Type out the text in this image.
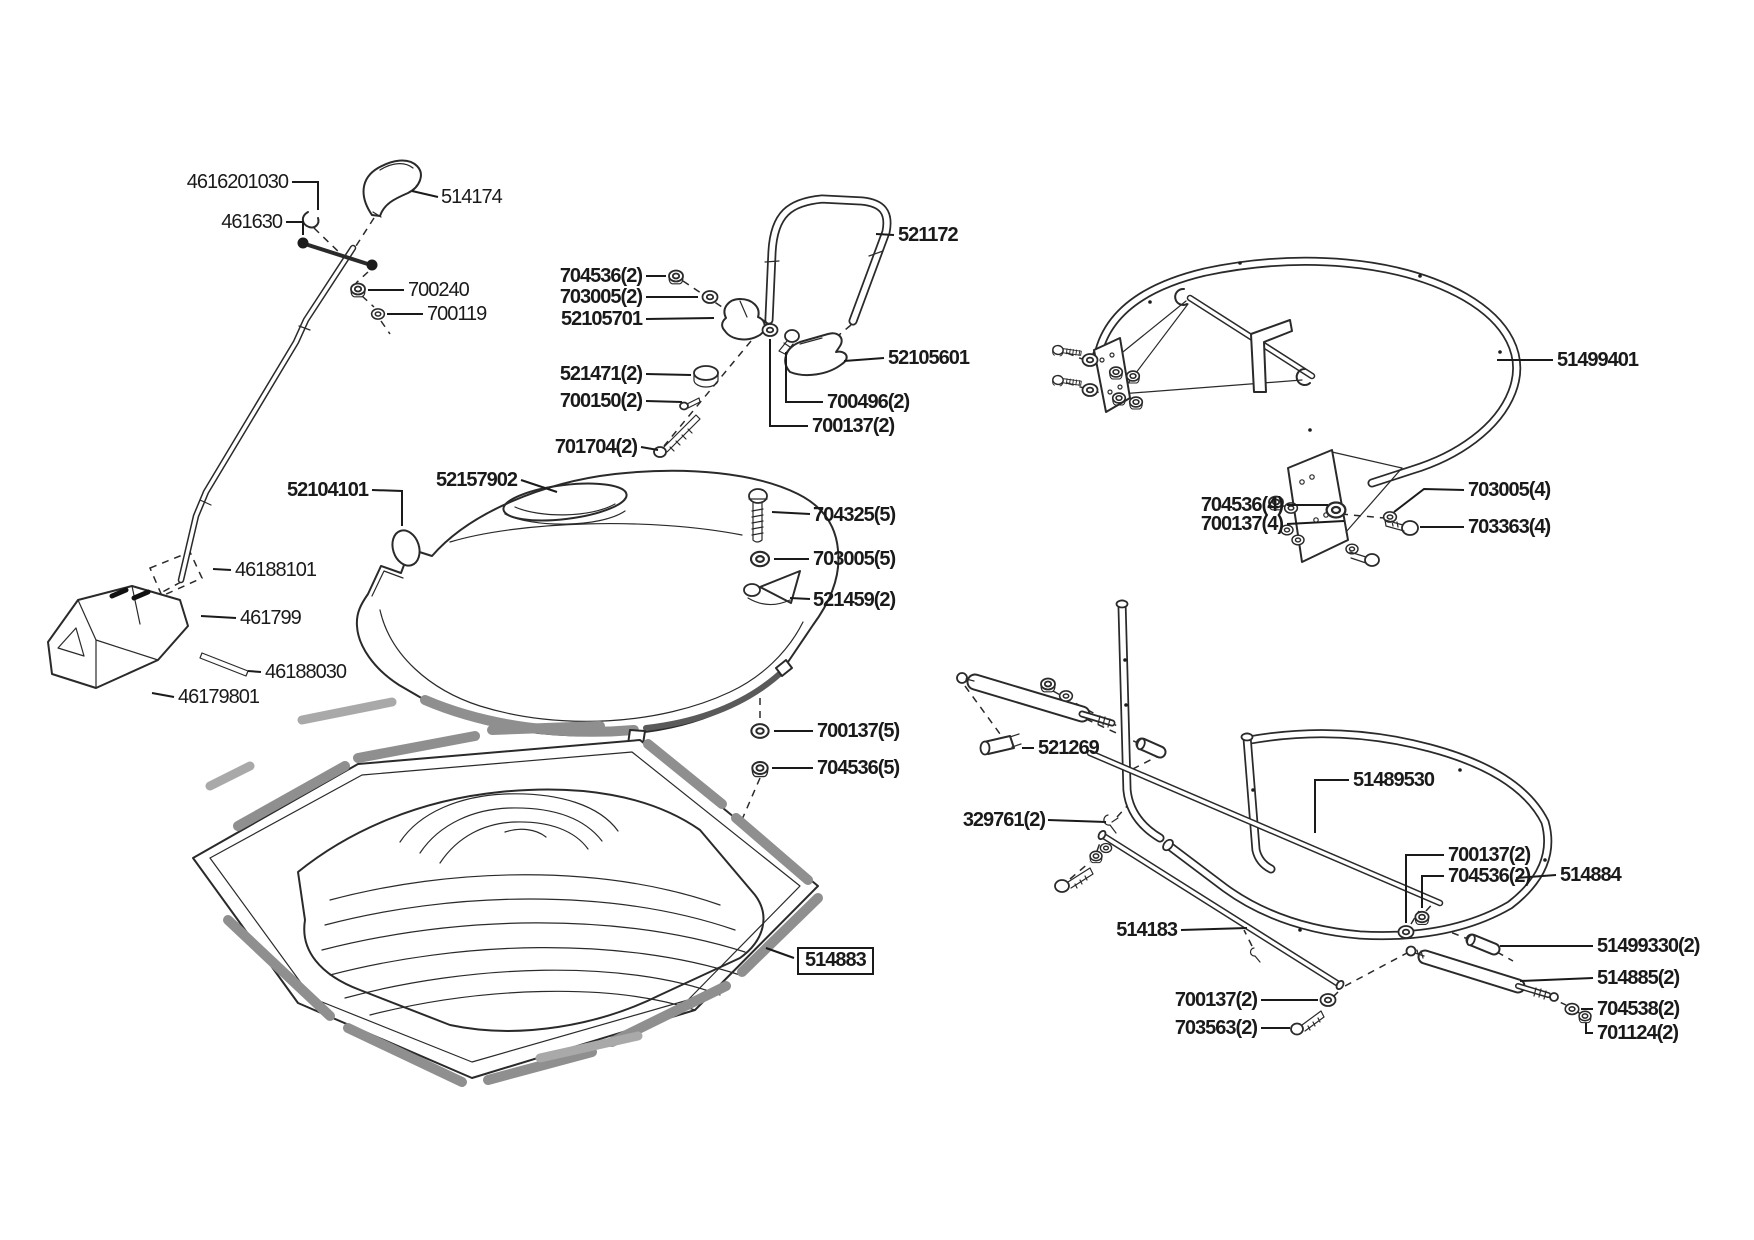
4616201030
514174
461630
700240
700119
46188101
461799
46188030
46179801
704536(2)
703005(2)
52105701
521172
52105601
521471(2)
700150(2)	700496(2)
700137(2)
701704(2)
51499401
704536(4)
700137(4)
703005(4)
703363(4)
52104101	52157902
704325(5)
703005(5)
521459(2)
700137(5)
704536(5)
514883
521269
329761(2)
51489530
700137(2)
704536(2) 514884
514183
51499330(2)
514885(2)
704538(2)
701124(2)
700137(2)
703563(2)
